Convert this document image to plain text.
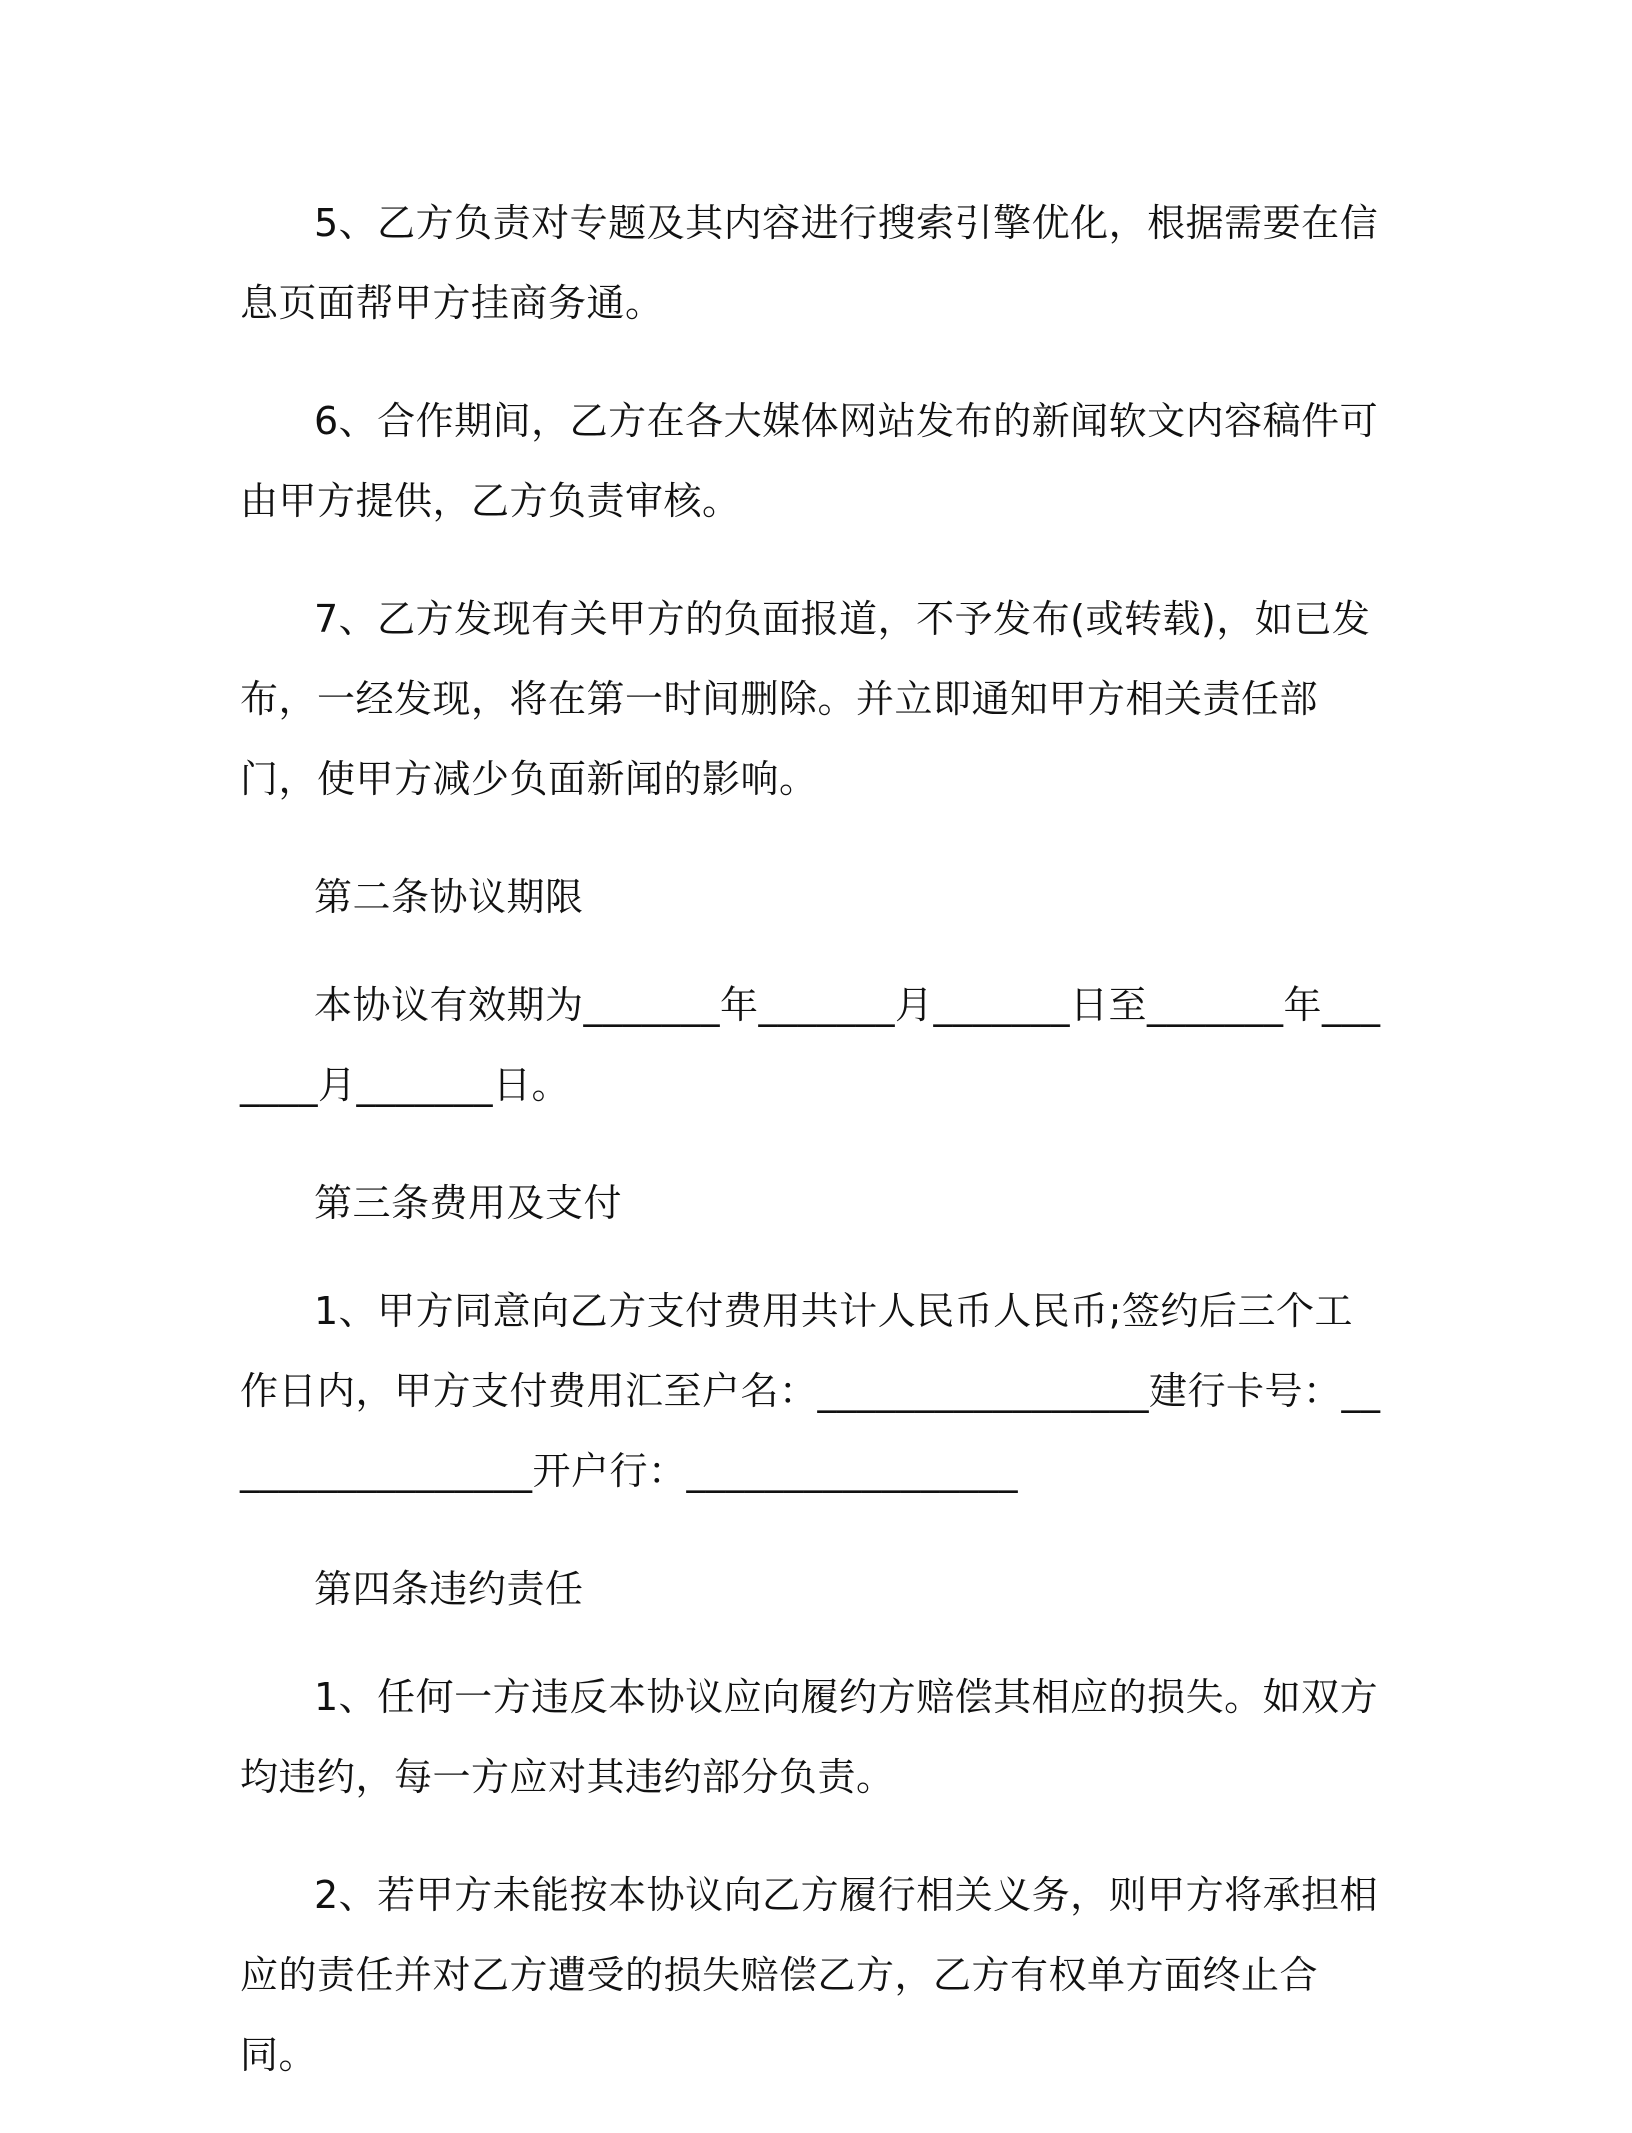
5、乙方负责对专题及其内容进行搜索引擎优化，根据需要在信息页面帮甲方挂商务通。

6、合作期间，乙方在各大媒体网站发布的新闻软文内容稿件可由甲方提供，乙方负责审核。

7、乙方发现有关甲方的负面报道，不予发布(或转载)，如已发布，一经发现，将在第一时间删除。并立即通知甲方相关责任部门，使甲方减少负面新闻的影响。

第二条协议期限

本协议有效期为_______年_______月_______日至_______年_______月_______日。

第三条费用及支付

1、甲方同意向乙方支付费用共计人民币人民币;签约后三个工作日内，甲方支付费用汇至户名：_________________建行卡号：_________________开户行：_________________

第四条违约责任

1、任何一方违反本协议应向履约方赔偿其相应的损失。如双方均违约，每一方应对其违约部分负责。

2、若甲方未能按本协议向乙方履行相关义务，则甲方将承担相应的责任并对乙方遭受的损失赔偿乙方，乙方有权单方面终止合同。
